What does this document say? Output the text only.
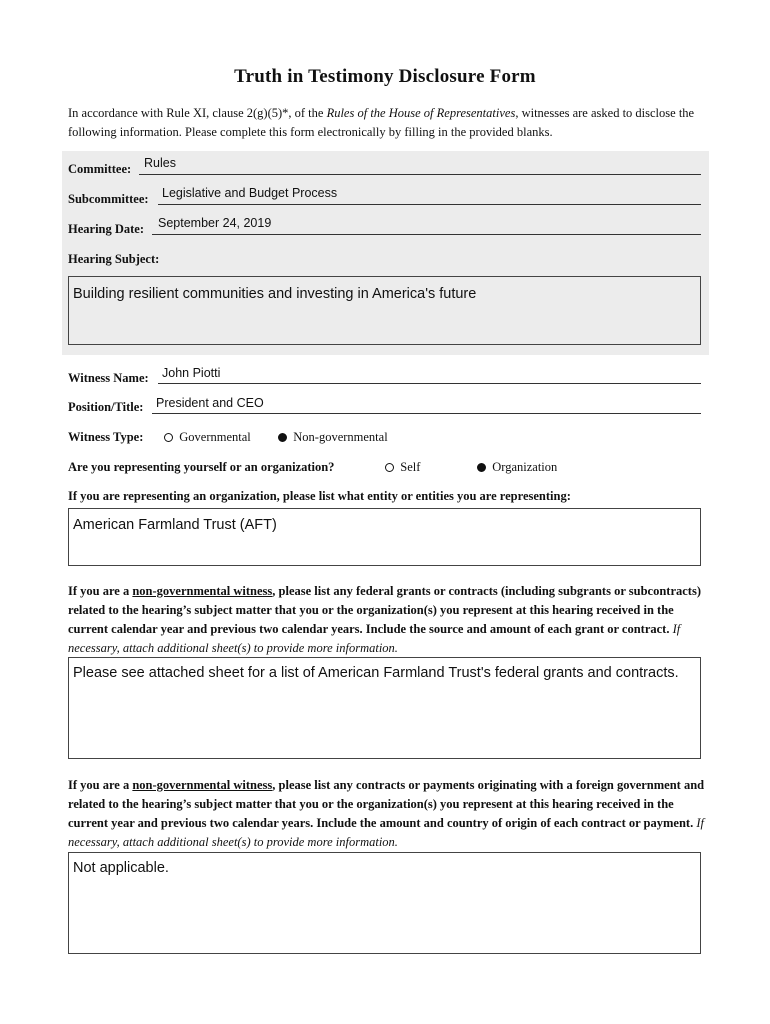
Truth in Testimony Disclosure Form
In accordance with Rule XI, clause 2(g)(5)*, of the Rules of the House of Representatives, witnesses are asked to disclose the following information. Please complete this form electronically by filling in the provided blanks.
Committee: Rules
Subcommittee: Legislative and Budget Process
Hearing Date: September 24, 2019
Hearing Subject:
Building resilient communities and investing in America's future
Witness Name: John Piotti
Position/Title: President and CEO
Witness Type:	Governmental	Non-governmental
Are you representing yourself or an organization?	Self	Organization
If you are representing an organization, please list what entity or entities you are representing:
American Farmland Trust (AFT)
If you are a non-governmental witness, please list any federal grants or contracts (including subgrants or subcontracts) related to the hearing’s subject matter that you or the organization(s) you represent at this hearing received in the current calendar year and previous two calendar years. Include the source and amount of each grant or contract. If necessary, attach additional sheet(s) to provide more information.
Please see attached sheet for a list of American Farmland Trust's federal grants and contracts.
If you are a non-governmental witness, please list any contracts or payments originating with a foreign government and related to the hearing’s subject matter that you or the organization(s) you represent at this hearing received in the current year and previous two calendar years. Include the amount and country of origin of each contract or payment. If necessary, attach additional sheet(s) to provide more information.
Not applicable.
